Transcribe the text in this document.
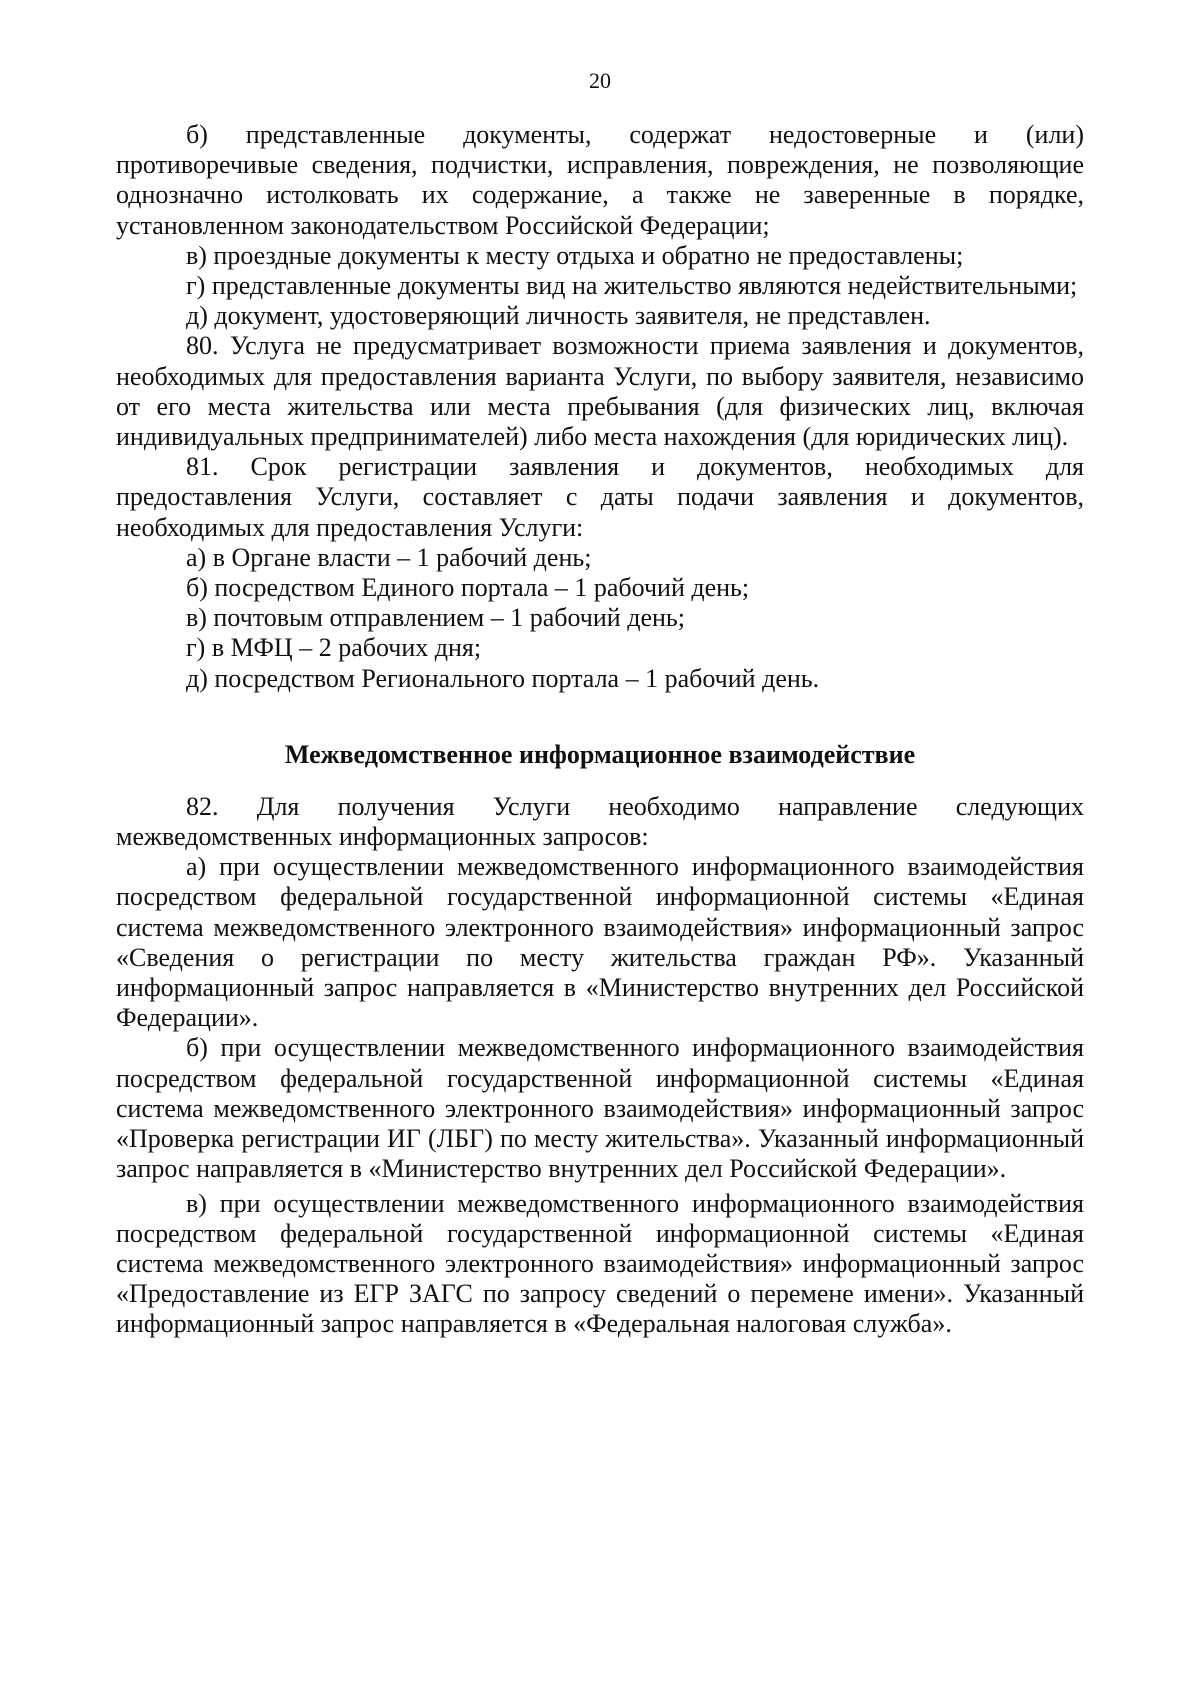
20

б) представленные документы, содержат недостоверные и (или) противоречивые сведения, подчистки, исправления, повреждения, не позволяющие однозначно истолковать их содержание, а также не заверенные в порядке, установленном законодательством Российской Федерации;

в) проездные документы к месту отдыха и обратно не предоставлены;

г) представленные документы вид на жительство являются недействительными;

д) документ, удостоверяющий личность заявителя, не представлен.

80. Услуга не предусматривает возможности приема заявления и документов, необходимых для предоставления варианта Услуги, по выбору заявителя, независимо от его места жительства или места пребывания (для физических лиц, включая индивидуальных предпринимателей) либо места нахождения (для юридических лиц).

81. Срок регистрации заявления и документов, необходимых для предоставления Услуги, составляет с даты подачи заявления и документов, необходимых для предоставления Услуги:

а) в Органе власти – 1 рабочий день;

б) посредством Единого портала – 1 рабочий день;

в) почтовым отправлением – 1 рабочий день;

г) в МФЦ – 2 рабочих дня;

д) посредством Регионального портала – 1 рабочий день.

Межведомственное информационное взаимодействие

82. Для получения Услуги необходимо направление следующих межведомственных информационных запросов:

а) при осуществлении межведомственного информационного взаимодействия посредством федеральной государственной информационной системы «Единая система межведомственного электронного взаимодействия» информационный запрос «Сведения о регистрации по месту жительства граждан РФ». Указанный информационный запрос направляется в «Министерство внутренних дел Российской Федерации».

б) при осуществлении межведомственного информационного взаимодействия посредством федеральной государственной информационной системы «Единая система межведомственного электронного взаимодействия» информационный запрос «Проверка регистрации ИГ (ЛБГ) по месту жительства». Указанный информационный запрос направляется в «Министерство внутренних дел Российской Федерации».

в) при осуществлении межведомственного информационного взаимодействия посредством федеральной государственной информационной системы «Единая система межведомственного электронного взаимодействия» информационный запрос «Предоставление из ЕГР ЗАГС по запросу сведений о перемене имени». Указанный информационный запрос направляется в «Федеральная налоговая служба».
